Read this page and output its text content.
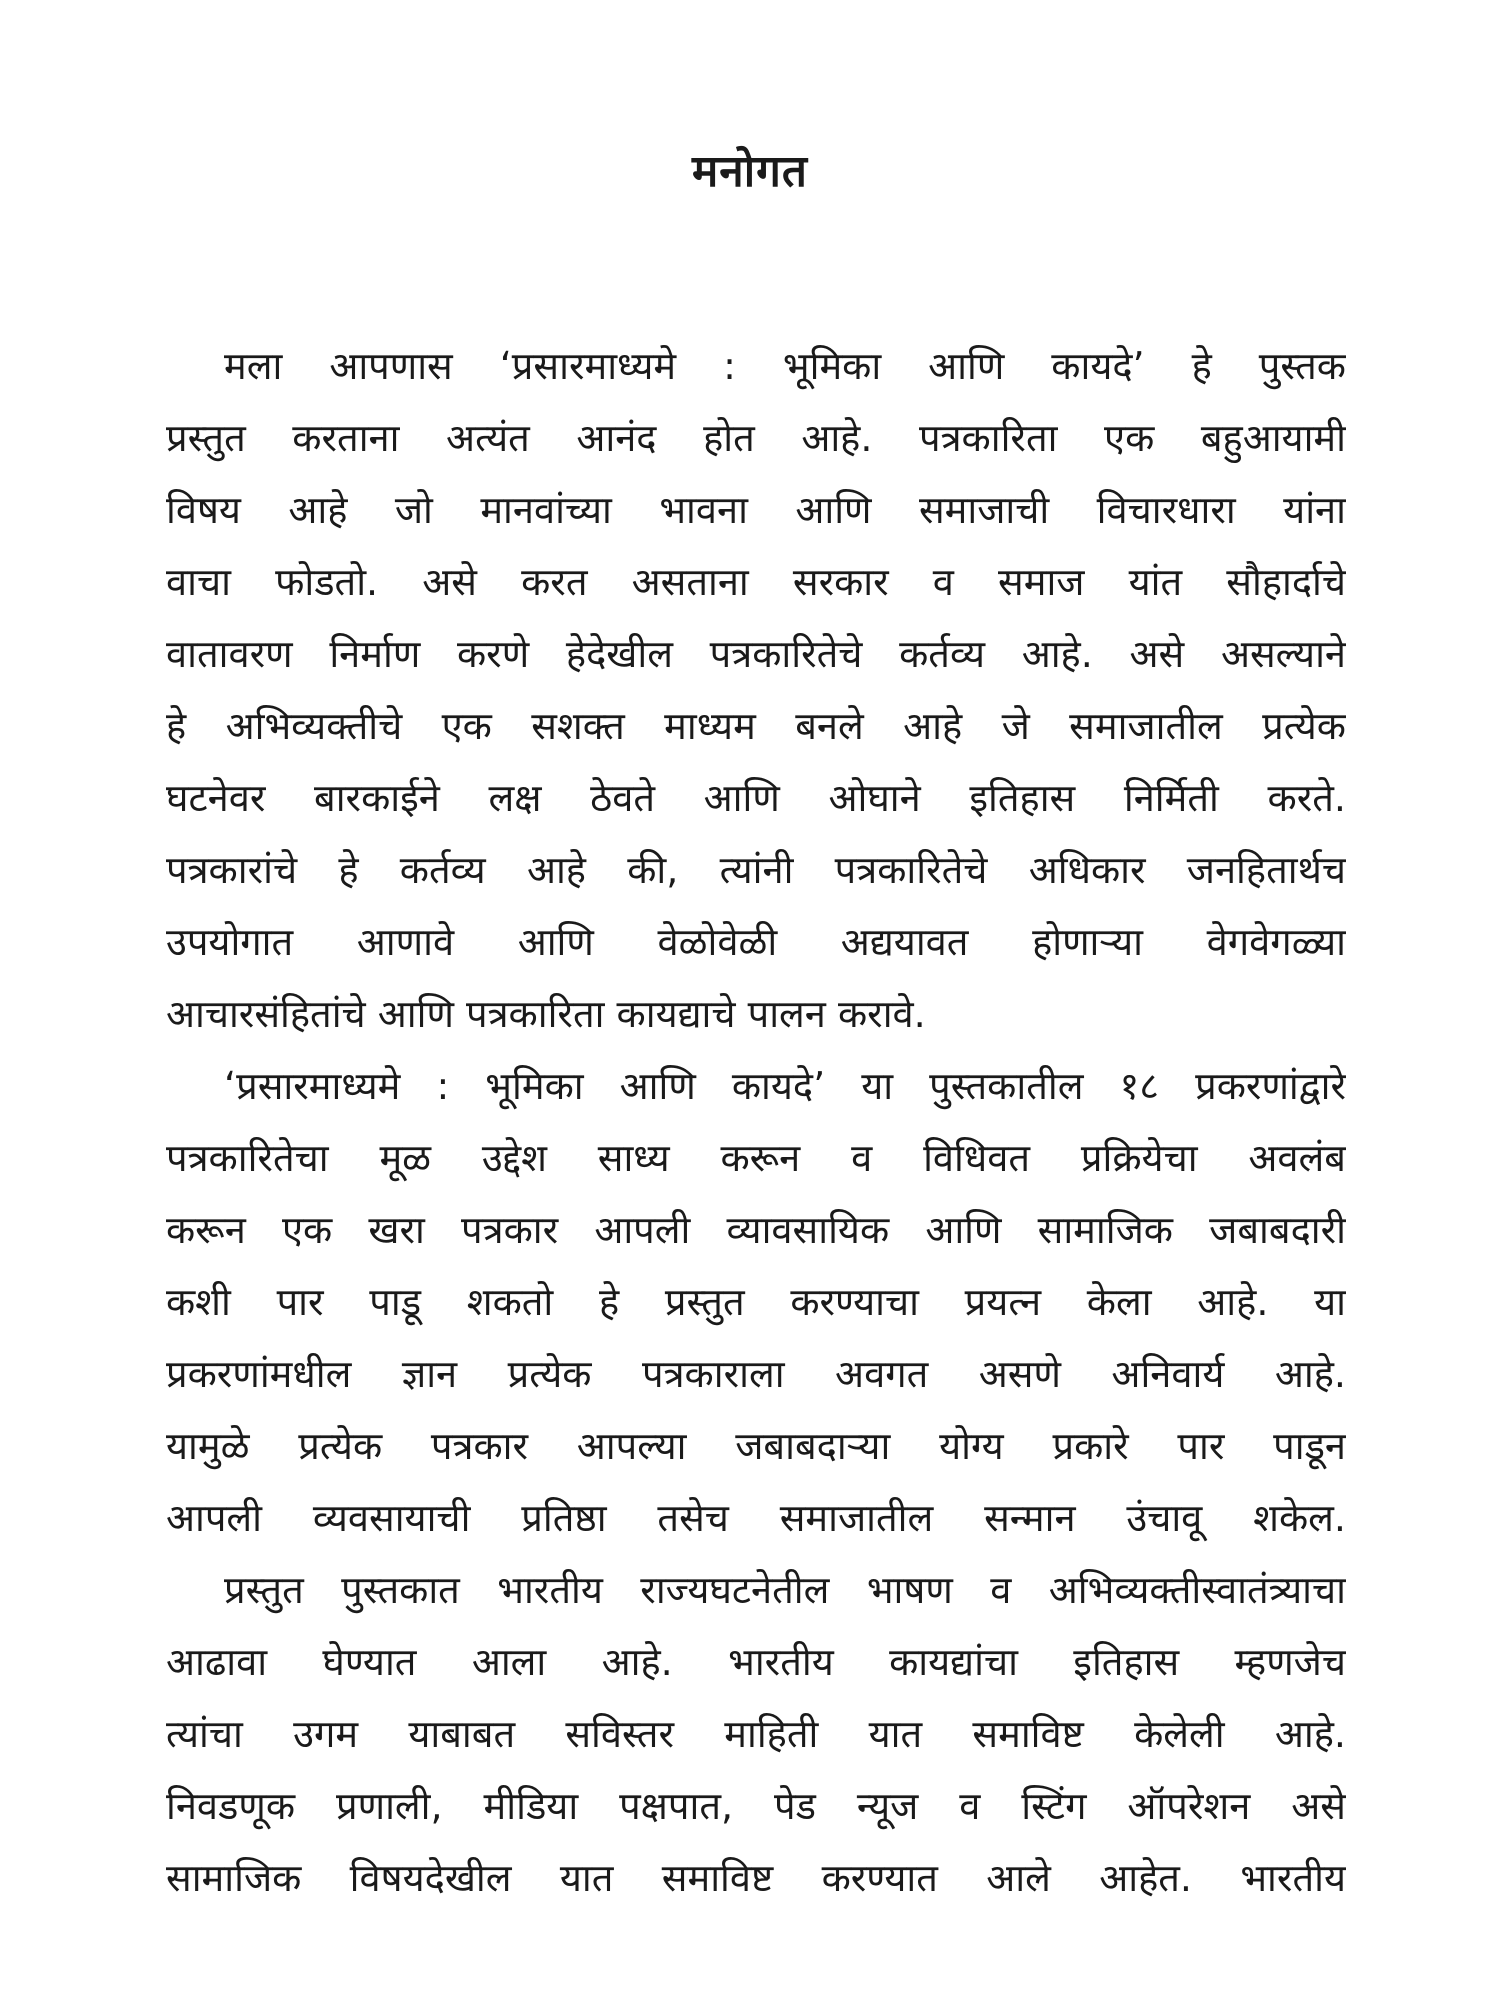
मनोगत
मला आपणास ‘प्रसारमाध्यमे : भूमिका आणि कायदे’ हे पुस्तक
प्रस्तुत करताना अत्यंत आनंद होत आहे. पत्रकारिता एक बहुआयामी
विषय आहे जो मानवांच्या भावना आणि समाजाची विचारधारा यांना
वाचा फोडतो. असे करत असताना सरकार व समाज यांत सौहार्दाचे
वातावरण निर्माण करणे हेदेखील पत्रकारितेचे कर्तव्य आहे. असे असल्याने
हे अभिव्यक्तीचे एक सशक्त माध्यम बनले आहे जे समाजातील प्रत्येक
घटनेवर बारकाईने लक्ष ठेवते आणि ओघाने इतिहास निर्मिती करते.
पत्रकारांचे हे कर्तव्य आहे की, त्यांनी पत्रकारितेचे अधिकार जनहितार्थच
उपयोगात आणावे आणि वेळोवेळी अद्ययावत होणाऱ्या वेगवेगळ्या
आचारसंहितांचे आणि पत्रकारिता कायद्याचे पालन करावे.
‘प्रसारमाध्यमे : भूमिका आणि कायदे’ या पुस्तकातील १८ प्रकरणांद्वारे
पत्रकारितेचा मूळ उद्देश साध्य करून व विधिवत प्रक्रियेचा अवलंब
करून एक खरा पत्रकार आपली व्यावसायिक आणि सामाजिक जबाबदारी
कशी पार पाडू शकतो हे प्रस्तुत करण्याचा प्रयत्न केला आहे. या
प्रकरणांमधील ज्ञान प्रत्येक पत्रकाराला अवगत असणे अनिवार्य आहे.
यामुळे प्रत्येक पत्रकार आपल्या जबाबदाऱ्या योग्य प्रकारे पार पाडून
आपली व्यवसायाची प्रतिष्ठा तसेच समाजातील सन्मान उंचावू शकेल.
प्रस्तुत पुस्तकात भारतीय राज्यघटनेतील भाषण व अभिव्यक्तीस्वातंत्र्याचा
आढावा घेण्यात आला आहे. भारतीय कायद्यांचा इतिहास म्हणजेच
त्यांचा उगम याबाबत सविस्तर माहिती यात समाविष्ट केलेली आहे.
निवडणूक प्रणाली, मीडिया पक्षपात, पेड न्यूज व स्टिंग ऑपरेशन असे
सामाजिक विषयदेखील यात समाविष्ट करण्यात आले आहेत. भारतीय
